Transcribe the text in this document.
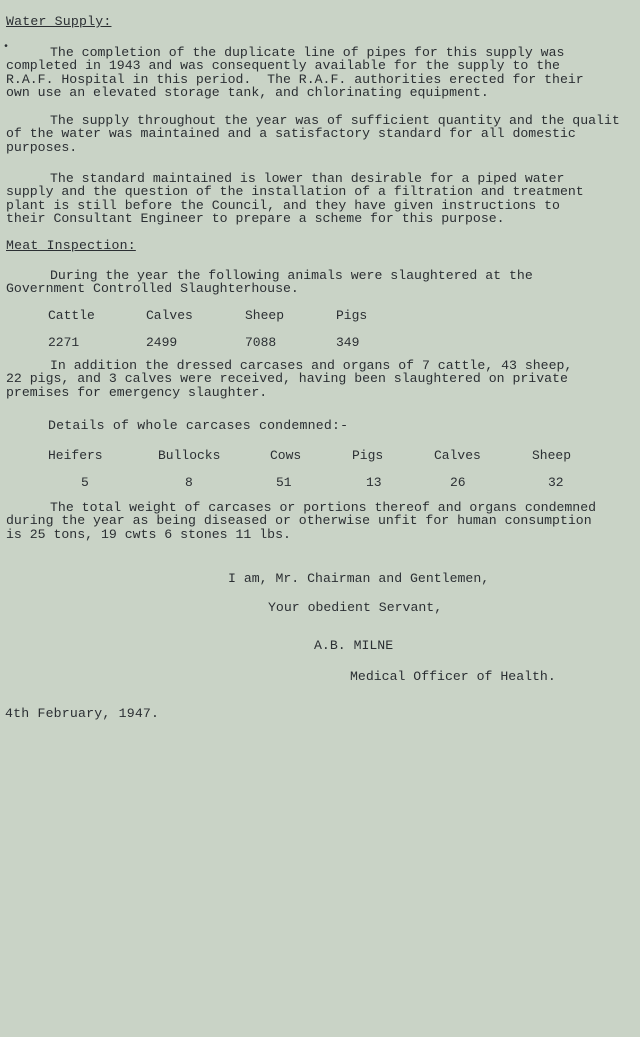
Water Supply:
•	The completion of the duplicate line of pipes for this supply was
completed in 1943 and was consequently available for the supply to the
R.A.F. Hospital in this period.  The R.A.F. authorities erected for their
own use an elevated storage tank, and chlorinating equipment.
The supply throughout the year was of sufficient quantity and the qualit
of the water was maintained and a satisfactory standard for all domestic
purposes.
The standard maintained is lower than desirable for a piped water
supply and the question of the installation of a filtration and treatment
plant is still before the Council, and they have given instructions to
their Consultant Engineer to prepare a scheme for this purpose.
Meat Inspection:
During the year the following animals were slaughtered at the
Government Controlled Slaughterhouse.
Cattle	Calves	Sheep	Pigs
2271	2499	7088	349
In addition the dressed carcases and organs of 7 cattle, 43 sheep,
22 pigs, and 3 calves were received, having been slaughtered on private
premises for emergency slaughter.
Details of whole carcases condemned:-
Heifers	Bullocks	Cows	Pigs	Calves	Sheep
5	8	51	13	26	32
The total weight of carcases or portions thereof and organs condemned
during the year as being diseased or otherwise unfit for human consumption
is 25 tons, 19 cwts 6 stones 11 lbs.
I am, Mr. Chairman and Gentlemen,
Your obedient Servant,
A.B. MILNE
Medical Officer of Health.
4th February, 1947.
